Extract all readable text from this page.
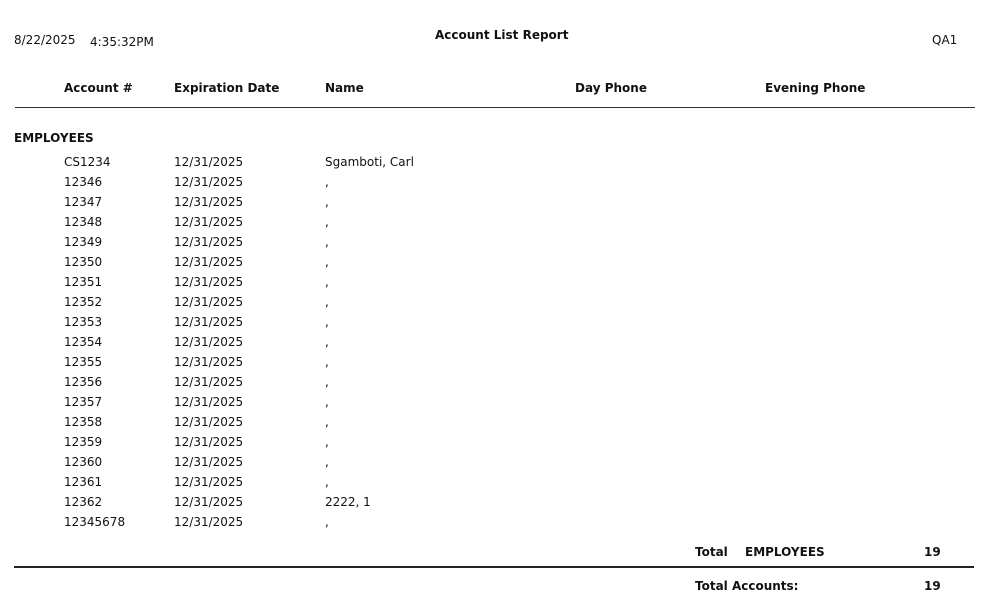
8/22/2025 4:35:32PM	Account List Report	QA1
Account #	Expiration Date	Name	Day Phone	Evening Phone
EMPLOYEES
CS1234	12/31/2025	Sgamboti, Carl
12346	12/31/2025	,
12347	12/31/2025	,
12348	12/31/2025	,
12349	12/31/2025	,
12350	12/31/2025	,
12351	12/31/2025	,
12352	12/31/2025	,
12353	12/31/2025	,
12354	12/31/2025	,
12355	12/31/2025	,
12356	12/31/2025	,
12357	12/31/2025	,
12358	12/31/2025	,
12359	12/31/2025	,
12360	12/31/2025	,
12361	12/31/2025	,
12362	12/31/2025	2222, 1
12345678	12/31/2025	,
Total EMPLOYEES	19
Total Accounts:	19
